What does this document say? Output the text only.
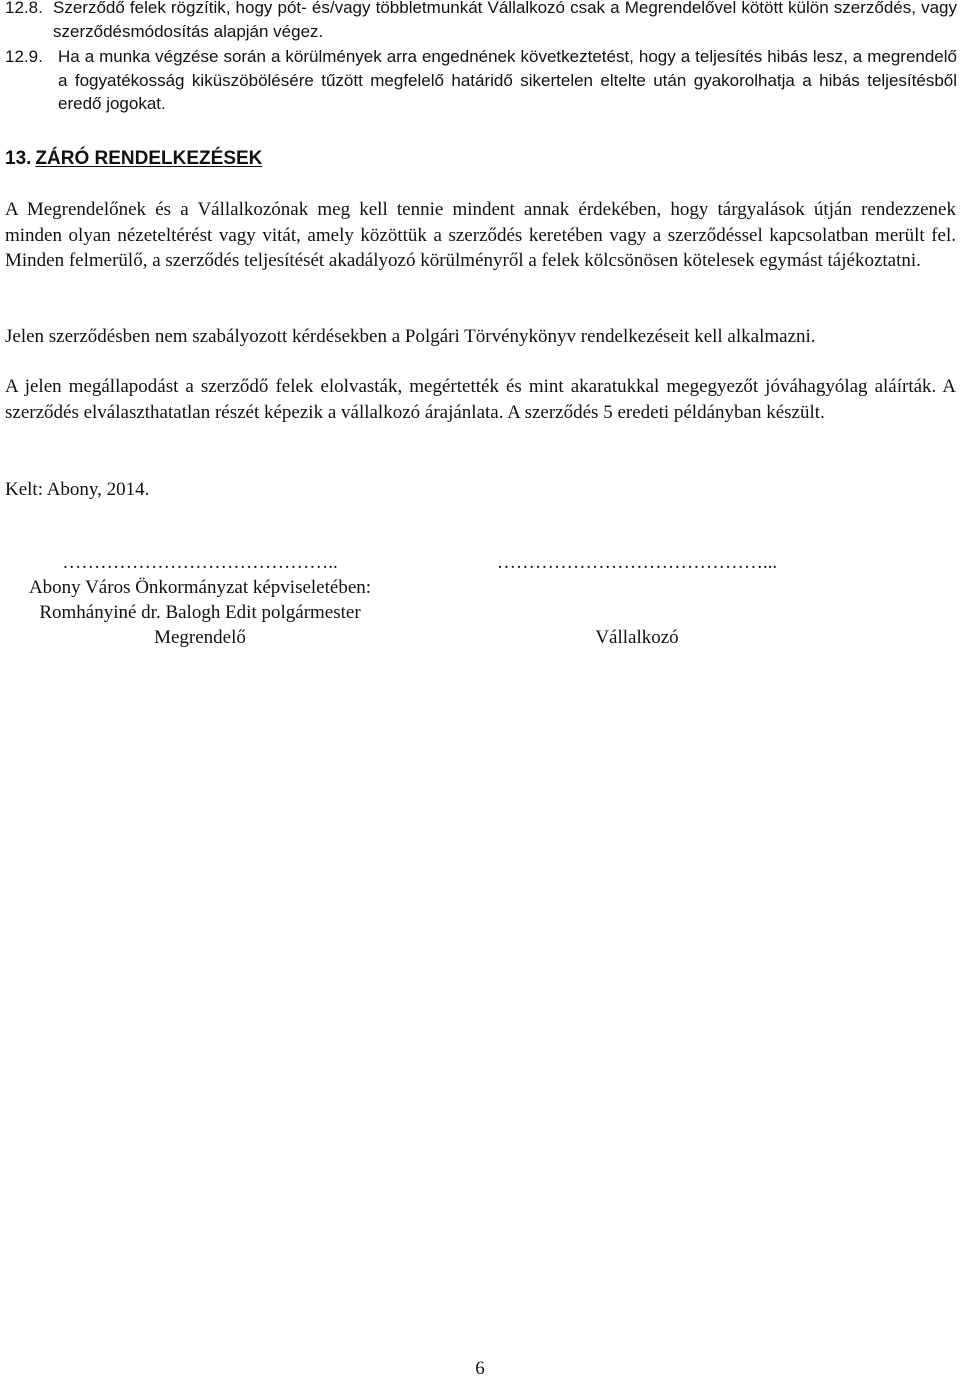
12.8. Szerződő felek rögzítik, hogy pót- és/vagy többletmunkát Vállalkozó csak a Megrendelővel kötött külön szerződés, vagy szerződésmódosítás alapján végez.
12.9. Ha a munka végzése során a körülmények arra engednének következtetést, hogy a teljesítés hibás lesz, a megrendelő a fogyatékosság kiküszöbölésére tűzött megfelelő határidő sikertelen eltelte után gyakorolhatja a hibás teljesítésből eredő jogokat.
13. ZÁRÓ RENDELKEZÉSEK
A Megrendelőnek és a Vállalkozónak meg kell tennie mindent annak érdekében, hogy tárgyalások útján rendezzenek minden olyan nézeteltérést vagy vitát, amely közöttük a szerződés keretében vagy a szerződéssel kapcsolatban merült fel. Minden felmerülő, a szerződés teljesítését akadályozó körülményről a felek kölcsönösen kötelesek egymást tájékoztatni.
Jelen szerződésben nem szabályozott kérdésekben a Polgári Törvénykönyv rendelkezéseit kell alkalmazni.
A jelen megállapodást a szerződő felek elolvasták, megértették és mint akaratukkal megegyezőt jóváhagyólag aláírták. A szerződés elválaszthatatlan részét képezik a vállalkozó árajánlata. A szerződés 5 eredeti példányban készült.
Kelt: Abony, 2014.
……………………………………..
Abony Város Önkormányzat képviseletében:
Romhányiné dr. Balogh Edit polgármester
Megrendelő
……………………………………...
Vállalkozó
6
